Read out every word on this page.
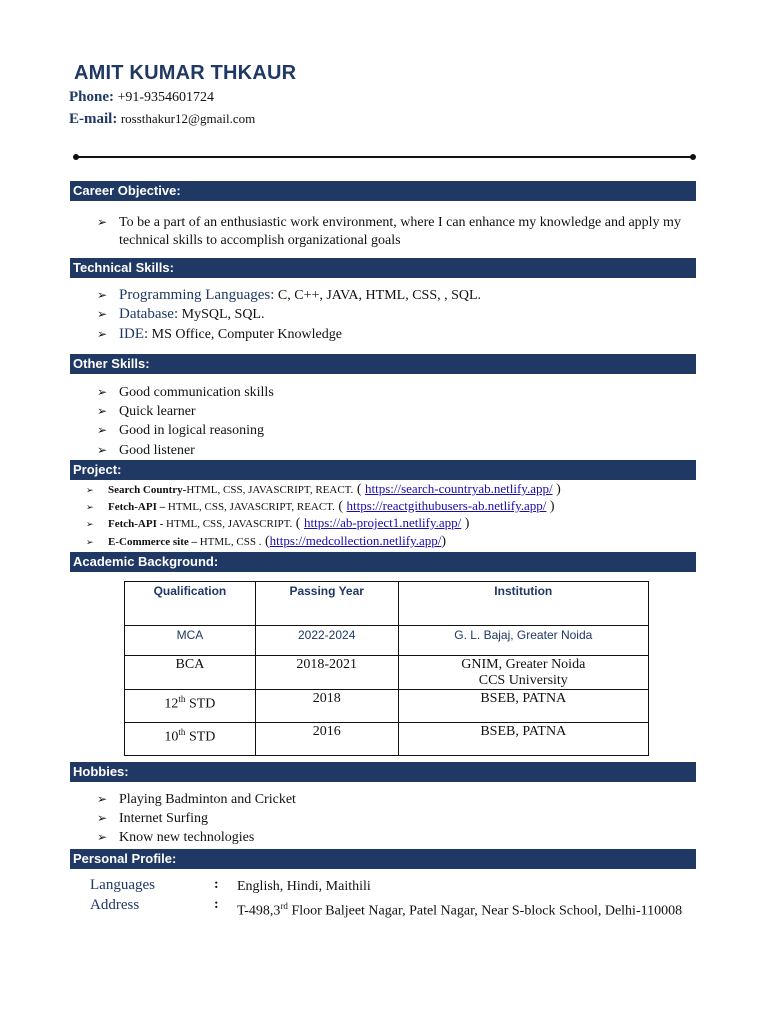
AMIT KUMAR THKAUR
Phone: +91-9354601724
E-mail: rossthakur12@gmail.com
Career Objective:
➢ To be a part of an enthusiastic work environment, where I can enhance my knowledge and apply my technical skills to accomplish organizational goals
Technical Skills:
➢ Programming Languages: C, C++, JAVA, HTML, CSS, , SQL.
➢ Database: MySQL, SQL.
➢ IDE: MS Office, Computer Knowledge
Other Skills:
➢ Good communication skills
➢ Quick learner
➢ Good in logical reasoning
➢ Good listener
Project:
➢ Search Country-HTML, CSS, JAVASCRIPT, REACT. ( https://search-countryab.netlify.app/ )
➢ Fetch-API – HTML, CSS, JAVASCRIPT, REACT. ( https://reactgithubusers-ab.netlify.app/ )
➢ Fetch-API - HTML, CSS, JAVASCRIPT. ( https://ab-project1.netlify.app/ )
➢ E-Commerce site – HTML, CSS . (https://medcollection.netlify.app/)
Academic Background:
Qualification	Passing Year	Institution
MCA	2022-2024	G. L. Bajaj, Greater Noida
BCA	2018-2021	GNIM, Greater Noida
CCS University

12th STD	2018	BSEB, PATNA
10th STD	2016	BSEB, PATNA
Hobbies:
➢ Playing Badminton and Cricket
➢ Internet Surfing
➢ Know new technologies
Personal Profile:
Languages	: English, Hindi, Maithili
Address	: T-498,3rd Floor Baljeet Nagar, Patel Nagar, Near S-block School, Delhi-110008
